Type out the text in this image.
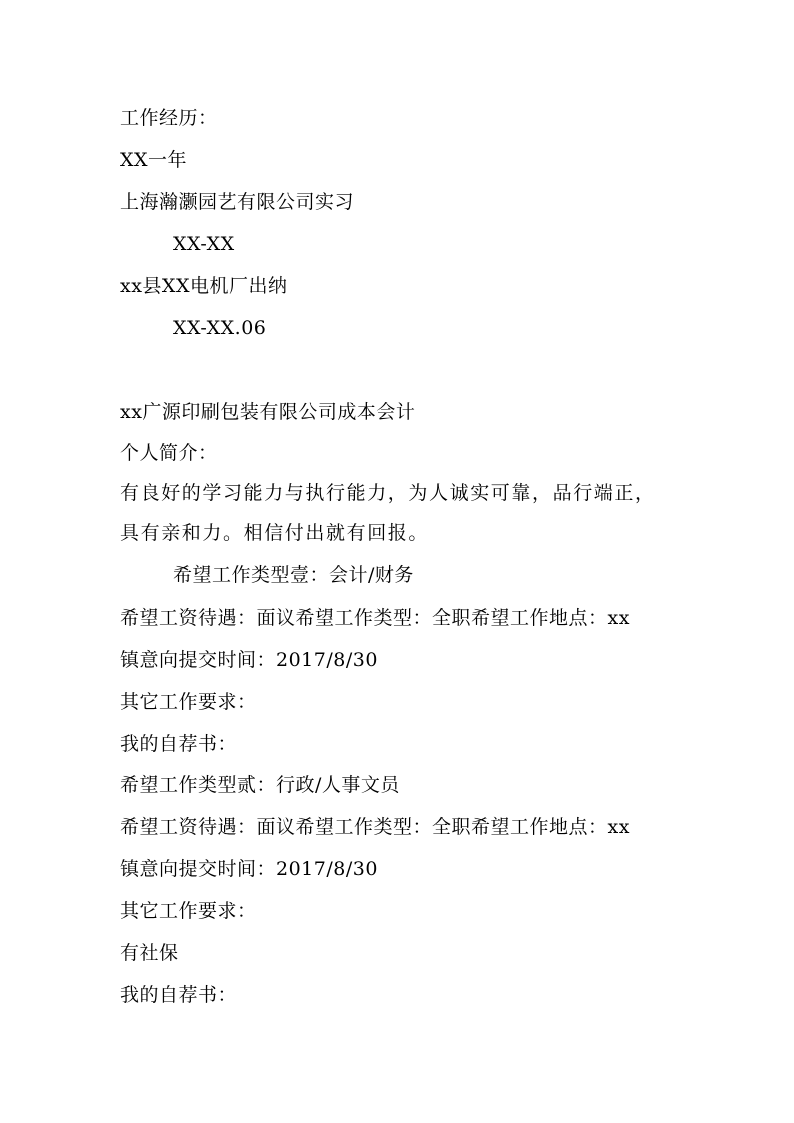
工作经历：
XX一年
上海瀚灏园艺有限公司实习
XX-XX
xx县XX电机厂出纳
XX-XX.06
xx广源印刷包装有限公司成本会计
个人简介：
有良好的学习能力与执行能力，为人诚实可靠，品行端正，
具有亲和力。相信付出就有回报。
希望工作类型壹：会计/财务
希望工资待遇：面议希望工作类型：全职希望工作地点：xx
镇意向提交时间：2017/8/30
其它工作要求：
我的自荐书：
希望工作类型贰：行政/人事文员
希望工资待遇：面议希望工作类型：全职希望工作地点：xx
镇意向提交时间：2017/8/30
其它工作要求：
有社保
我的自荐书：
